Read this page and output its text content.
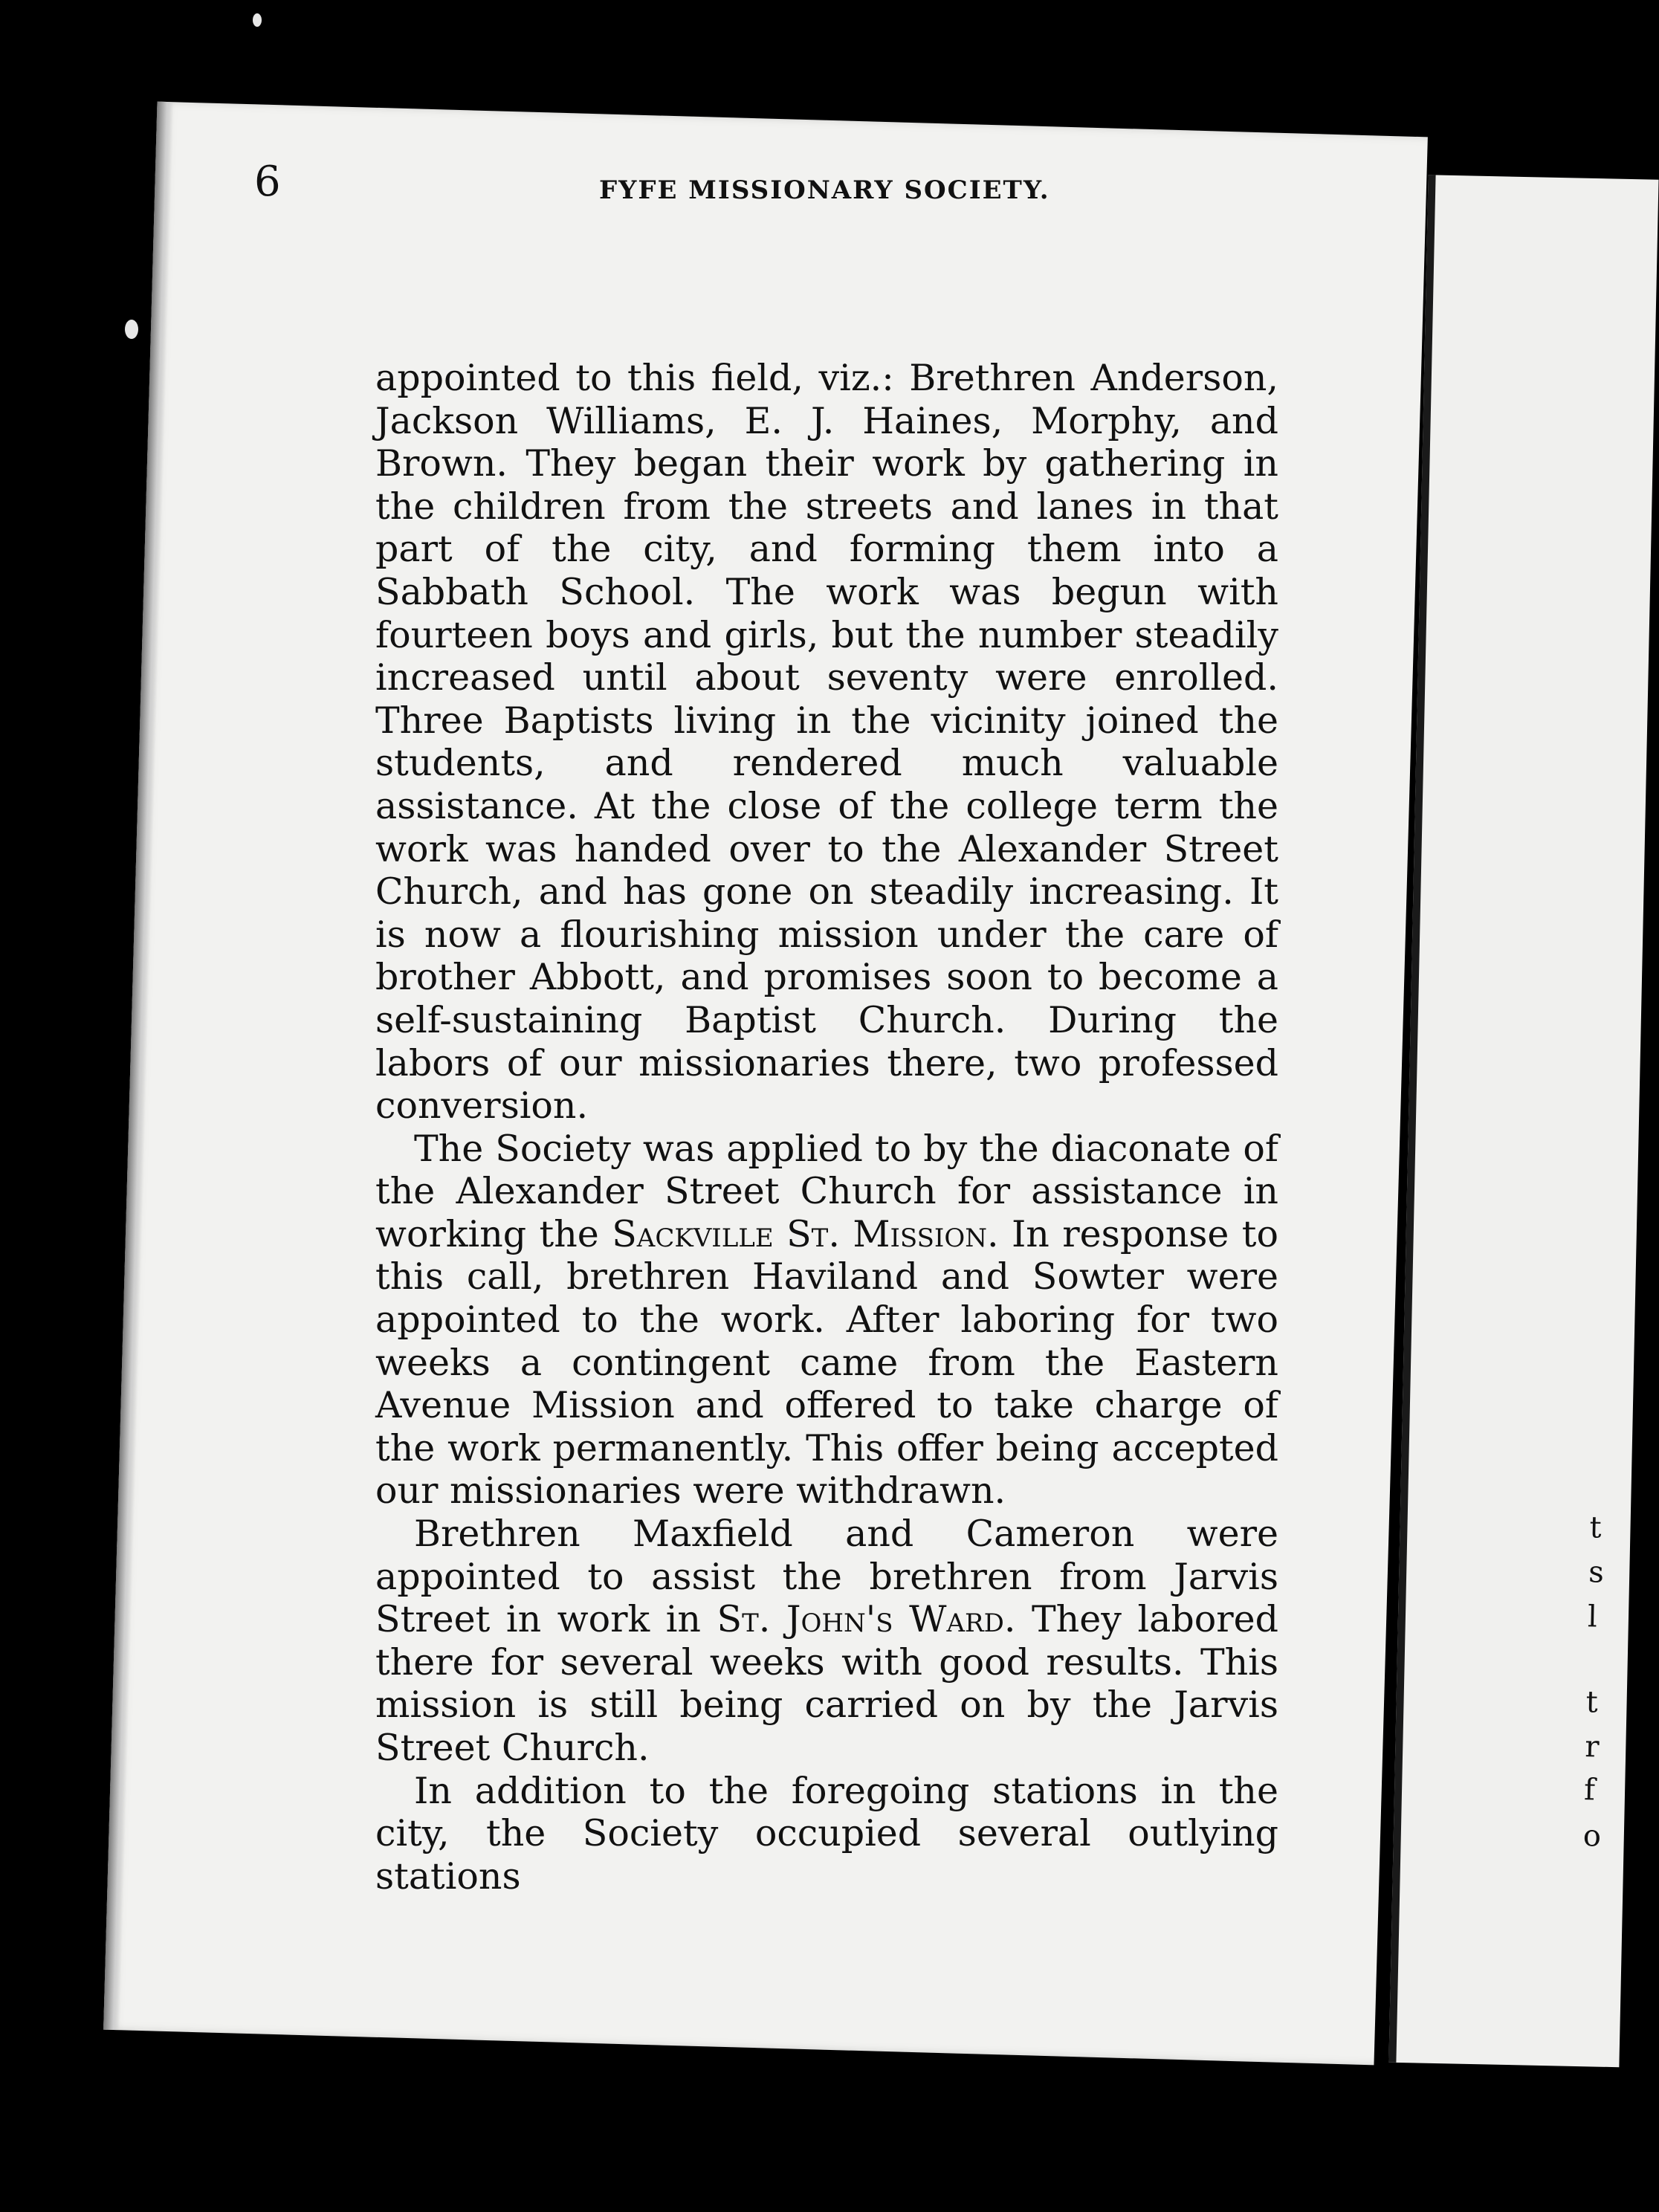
t
s
l
t
r
f
o
6	FYFE MISSIONARY SOCIETY.

appointed to this field, viz.: Brethren Anderson, Jackson Williams, E. J. Haines, Morphy, and Brown. They began their work by gathering in the children from the streets and lanes in that part of the city, and forming them into a Sabbath School. The work was begun with fourteen boys and girls, but the number steadily increased until about seventy were enrolled. Three Baptists living in the vicinity joined the students, and rendered much valuable assistance. At the close of the college term the work was handed over to the Alexander Street Church, and has gone on steadily increasing. It is now a flourishing mission under the care of brother Abbott, and promises soon to become a self-sustaining Baptist Church. During the labors of our missionaries there, two professed conversion.

The Society was applied to by the diaconate of the Alexander Street Church for assistance in working the Sackville St. Mission. In response to this call, brethren Haviland and Sowter were appointed to the work. After laboring for two weeks a contingent came from the Eastern Avenue Mission and offered to take charge of the work permanently. This offer being accepted our missionaries were withdrawn.

Brethren Maxfield and Cameron were appointed to assist the brethren from Jarvis Street in work in St. John's Ward. They labored there for several weeks with good results. This mission is still being carried on by the Jarvis Street Church.

In addition to the foregoing stations in the city, the Society occupied several outlying stations
